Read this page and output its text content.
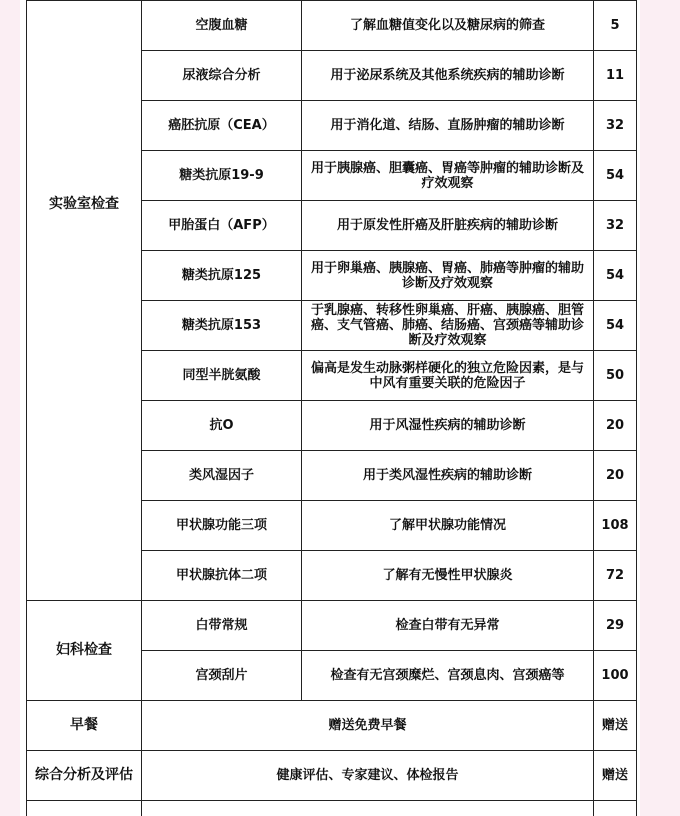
实验室检查	空腹血糖	了解血糖值变化以及糖尿病的筛查	5
	尿液综合分析	用于泌尿系统及其他系统疾病的辅助诊断	11
	癌胚抗原（CEA）	用于消化道、结肠、直肠肿瘤的辅助诊断	32
	糖类抗原19-9	用于胰腺癌、胆囊癌、胃癌等肿瘤的辅助诊断及疗效观察	54
	甲胎蛋白（AFP）	用于原发性肝癌及肝脏疾病的辅助诊断	32
	糖类抗原125	用于卵巢癌、胰腺癌、胃癌、肺癌等肿瘤的辅助诊断及疗效观察	54
	糖类抗原153	于乳腺癌、转移性卵巢癌、肝癌、胰腺癌、胆管癌、支气管癌、肺癌、结肠癌、宫颈癌等辅助诊断及疗效观察	54
	同型半胱氨酸	偏高是发生动脉粥样硬化的独立危险因素，是与中风有重要关联的危险因子	50
	抗O	用于风湿性疾病的辅助诊断	20
	类风湿因子	用于类风湿性疾病的辅助诊断	20
	甲状腺功能三项	了解甲状腺功能情况	108
	甲状腺抗体二项	了解有无慢性甲状腺炎	72
妇科检查	白带常规	检查白带有无异常	29
	宫颈刮片	检查有无宫颈糜烂、宫颈息肉、宫颈癌等	100
早餐	赠送免费早餐		赠送
综合分析及评估	健康评估、专家建议、体检报告		赠送
